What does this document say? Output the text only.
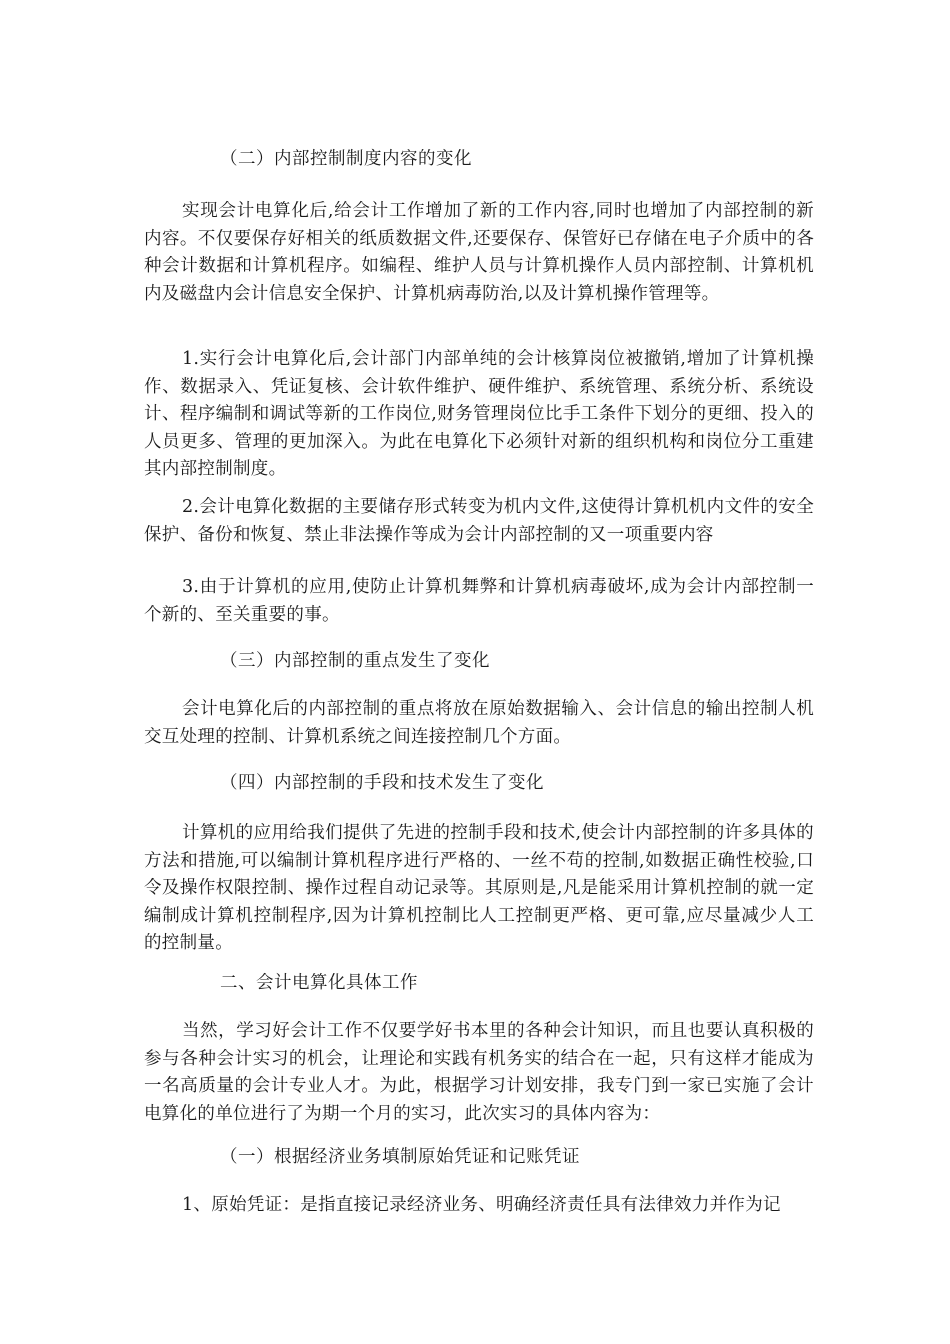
（二）内部控制制度内容的变化

实现会计电算化后,给会计工作增加了新的工作内容,同时也增加了内部控制的新内容。不仅要保存好相关的纸质数据文件,还要保存、保管好已存储在电子介质中的各种会计数据和计算机程序。如编程、维护人员与计算机操作人员内部控制、计算机机内及磁盘内会计信息安全保护、计算机病毒防治,以及计算机操作管理等。

1.实行会计电算化后,会计部门内部单纯的会计核算岗位被撤销,增加了计算机操作、数据录入、凭证复核、会计软件维护、硬件维护、系统管理、系统分析、系统设计、程序编制和调试等新的工作岗位,财务管理岗位比手工条件下划分的更细、投入的人员更多、管理的更加深入。为此在电算化下必须针对新的组织机构和岗位分工重建其内部控制制度。

2.会计电算化数据的主要储存形式转变为机内文件,这使得计算机机内文件的安全保护、备份和恢复、禁止非法操作等成为会计内部控制的又一项重要内容

3.由于计算机的应用,使防止计算机舞弊和计算机病毒破坏,成为会计内部控制一个新的、至关重要的事。

（三）内部控制的重点发生了变化

会计电算化后的内部控制的重点将放在原始数据输入、会计信息的输出控制人机交互处理的控制、计算机系统之间连接控制几个方面。

（四）内部控制的手段和技术发生了变化

计算机的应用给我们提供了先进的控制手段和技术,使会计内部控制的许多具体的方法和措施,可以编制计算机程序进行严格的、一丝不苟的控制,如数据正确性校验,口令及操作权限控制、操作过程自动记录等。其原则是,凡是能采用计算机控制的就一定编制成计算机控制程序,因为计算机控制比人工控制更严格、更可靠,应尽量减少人工的控制量。

二、会计电算化具体工作

当然，学习好会计工作不仅要学好书本里的各种会计知识，而且也要认真积极的参与各种会计实习的机会，让理论和实践有机务实的结合在一起，只有这样才能成为一名高质量的会计专业人才。为此，根据学习计划安排，我专门到一家已实施了会计电算化的单位进行了为期一个月的实习，此次实习的具体内容为：

（一）根据经济业务填制原始凭证和记账凭证

1、原始凭证：是指直接记录经济业务、明确经济责任具有法律效力并作为记
